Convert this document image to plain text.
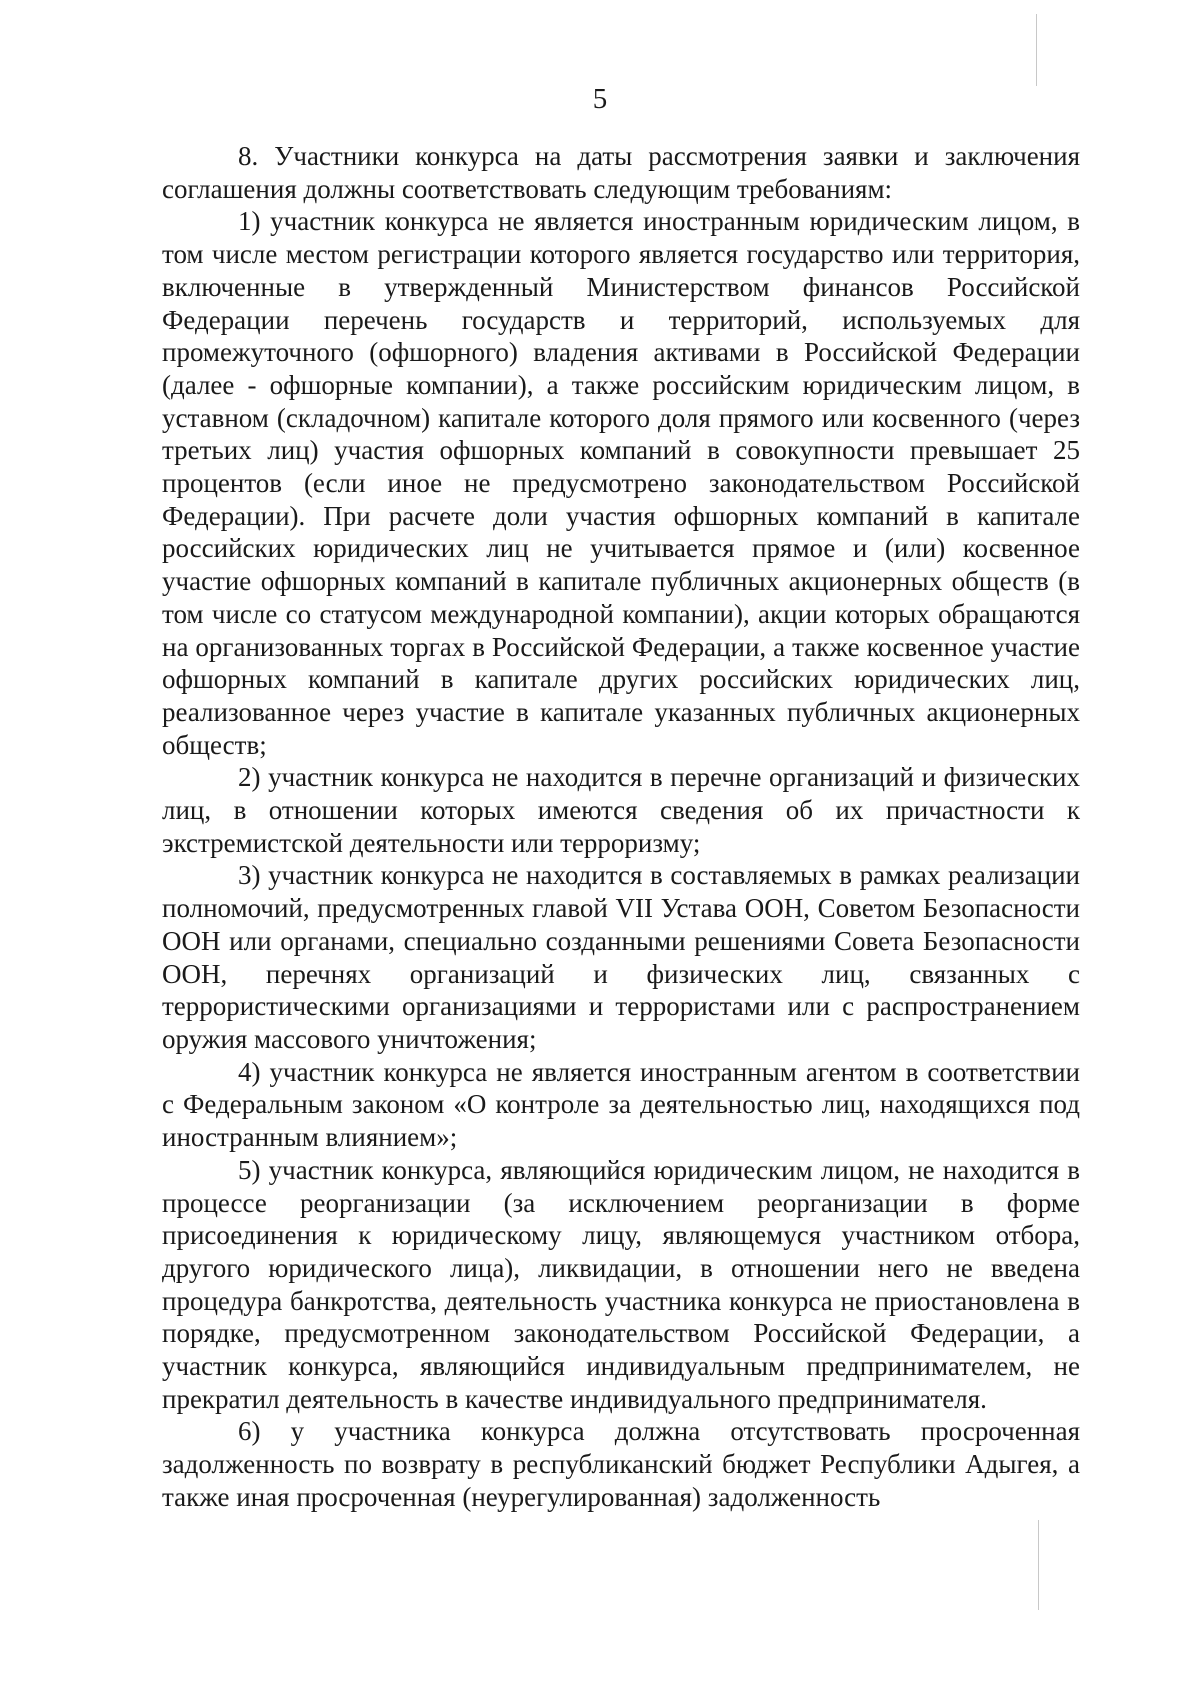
5

8. Участники конкурса на даты рассмотрения заявки и заключения соглашения должны соответствовать следующим требованиям:

1) участник конкурса не является иностранным юридическим лицом, в том числе местом регистрации которого является государство или территория, включенные в утвержденный Министерством финансов Российской Федерации перечень государств и территорий, используемых для промежуточного (офшорного) владения активами в Российской Федерации (далее - офшорные компании), а также российским юридическим лицом, в уставном (складочном) капитале которого доля прямого или косвенного (через третьих лиц) участия офшорных компаний в совокупности превышает 25 процентов (если иное не предусмотрено законодательством Российской Федерации). При расчете доли участия офшорных компаний в капитале российских юридических лиц не учитывается прямое и (или) косвенное участие офшорных компаний в капитале публичных акционерных обществ (в том числе со статусом международной компании), акции которых обращаются на организованных торгах в Российской Федерации, а также косвенное участие офшорных компаний в капитале других российских юридических лиц, реализованное через участие в капитале указанных публичных акционерных обществ;

2) участник конкурса не находится в перечне организаций и физических лиц, в отношении которых имеются сведения об их причастности к экстремистской деятельности или терроризму;

3) участник конкурса не находится в составляемых в рамках реализации полномочий, предусмотренных главой VII Устава ООН, Советом Безопасности ООН или органами, специально созданными решениями Совета Безопасности ООН, перечнях организаций и физических лиц, связанных с террористическими организациями и террористами или с распространением оружия массового уничтожения;

4) участник конкурса не является иностранным агентом в соответствии с Федеральным законом «О контроле за деятельностью лиц, находящихся под иностранным влиянием»;

5) участник конкурса, являющийся юридическим лицом, не находится в процессе реорганизации (за исключением реорганизации в форме присоединения к юридическому лицу, являющемуся участником отбора, другого юридического лица), ликвидации, в отношении него не введена процедура банкротства, деятельность участника конкурса не приостановлена в порядке, предусмотренном законодательством Российской Федерации, а участник конкурса, являющийся индивидуальным предпринимателем, не прекратил деятельность в качестве индивидуального предпринимателя.

6) у участника конкурса должна отсутствовать просроченная задолженность по возврату в республиканский бюджет Республики Адыгея, а также иная просроченная (неурегулированная) задолженность
